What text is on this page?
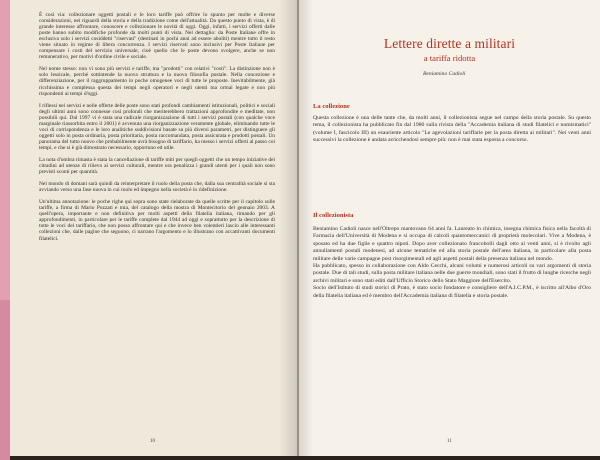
È così via: collezionare oggetti postali e le loro tariffe può offrire lo spunto per molte e diverse considerazioni, nei riguardi della storia e della tradizione come dell'attualità. Da questo punto di vista, è di grande interesse affrontare, conoscere e collezionare le novità di oggi. Oggi, infatti, i servizi offerti dalle poste hanno subito modifiche profonde da molti punti di vista. Nel dettaglio: da Poste Italiane offre in esclusiva solo i servizi cosiddetti "riservati" (destinati in pochi anni ad essere aboliti) mentre tutto il resto viene situato in regime di libera concorrenza. I servizi riservati sono inclusivi per Poste Italiane per compensare i costi del servizio universale, cioè quello che le poste devono svolgere, anche se non remunerativo, per motivi d'ordine civile e sociale.

Nel nome stesso: non vi sono più servizi e tariffe, ma "prodotti" con relativi "costi". La distinzione non è solo lessicale, perché sottintende la nuova struttura e la nuova filosofia postale. Nella concezione e differenziazione, per il raggruppamento in poche omogenee voci di tutte le proposte. Inevitabilmente, già ricchissima e complessa questa dei tempi negli operatori e negli utenti ma ormai legate e non più rispondenti ai tempi d'oggi.

I riflessi nei servizi e nelle offerte delle poste sono stati profondi cambiamenti istituzionali, politici e sociali degli ultimi anni sono connesse così profondi che meriterebbero trattazioni approfondite e meditate, non possibili qui. Dal 1997 vi è stata una radicale riorganizzazione di tutti i servizi postali (con qualche voce marginale riassorbita entro il 2001) è avvenuta una riorganizzazione veramente globale, eliminando tutte le voci di corrispondenza e le loro analitiche suddivisioni basate su più diversi parametri, per distinguere gli oggetti solo in posta ordinaria, posta prioritaria, posta raccomandata, posta assicurata e prodotti postali. Un panorama del tutto nuovo che probabilmente avrà bisogno di tariffario, ha messo i servizi offerti al passo coi tempi, e che si è già dimostrato necessario, opportuno ed utile.

La nota d'ombra rimasta è stata la cancellazione di tariffe miti per quegli oggetti che un tempo iniziative dei cittadini ad utenze di rilievo ai servizi culturali, mentre ora penalizza i grandi utenti per i quali non sono previsti sconti per quantità.

Nel mondo di domani sarà quindi da reinterpretare il ruolo della posta che, dalla sua centralità sociale si sta avviando verso una fase nuova in cui ruolo ed impegno nella società è in ridefinizione.

Un'ultima annotazione: le poche righe qui sopra sono state rielaborate da quelle scritte per il capitolo sulle tariffe, a firma di Mario Pozzati e mia, del catalogo della mostra di Montecitorio del gennaio 2003. A quell'opera, importante e non definitiva per molti aspetti della filatelia italiana, rimando per gli approfondimenti, in particolare per le tariffe complete dal 1944 ad oggi e soprattutto per la descrizione di tutte le voci del tariffario, che non posso affrontare qui e che invece ben volentieri lascio alle interessanti collezioni che, dalle pagine che seguono, ci narrano l'argomento e lo illustrano con accattivanti documenti filatelici.

10
Lettere dirette a militari
a tariffa ridotta
Beniamino Cadioli
La collezione

Questa collezione è una delle tante che, da molti anni, il collezionista segue nel campo della storia postale. Su questo tema, il collezionista ha pubblicato fin dal 1980 sulla rivista della "Accademia italiana di studi filatelici e numismatici" (volume I, fascicolo III) un esauriente articolo "Le agevolazioni tariffarie per la posta diretta ai militari". Nei venti anni successivi la collezione è andata arricchendosi sempre più: non è mai stata esposta a concorso.

Il collezionista

Beniamino Cadioli nasce nell'Oltrepo mantovano 64 anni fa. Laureato in chimica, insegna chimica fisica nella facoltà di Farmacia dell'Università di Modena e si occupa di calcoli quantomeccanici di proprietà molecolari. Vive a Modena, è sposato ed ha due figlie e quattro nipoti. Dopo aver collezionato francobolli dagli otto ai venti anni, si è rivolto agli annullamenti postali modenesi, ad alcune tematiche ed alla storia postale dell'area italiana, in particolare alla posta militare delle varie campagne post risorgimentali ed agli aspetti postali della presenza italiana nel mondo.

Ha pubblicato, spesso in collaborazione con Aldo Cecchi, alcuni volumi e numerosi articoli su vari argomenti di storia postale. Due di tali studi, sulla posta militare italiana nelle due guerre mondiali, sono stati il frutto di lunghe ricerche negli archivi militari e sono stati editi dall'Ufficio Storico dello Stato Maggiore dell'Esercito.

Socio dell'Istituto di studi storici di Prato, è stato socio fondatore e consigliere dell'A.I.C.P.M., è iscritto all'Albo d'Oro della filatelia italiana ed è membro dell'Accademia italiana di filatelia e storia postale.

11
